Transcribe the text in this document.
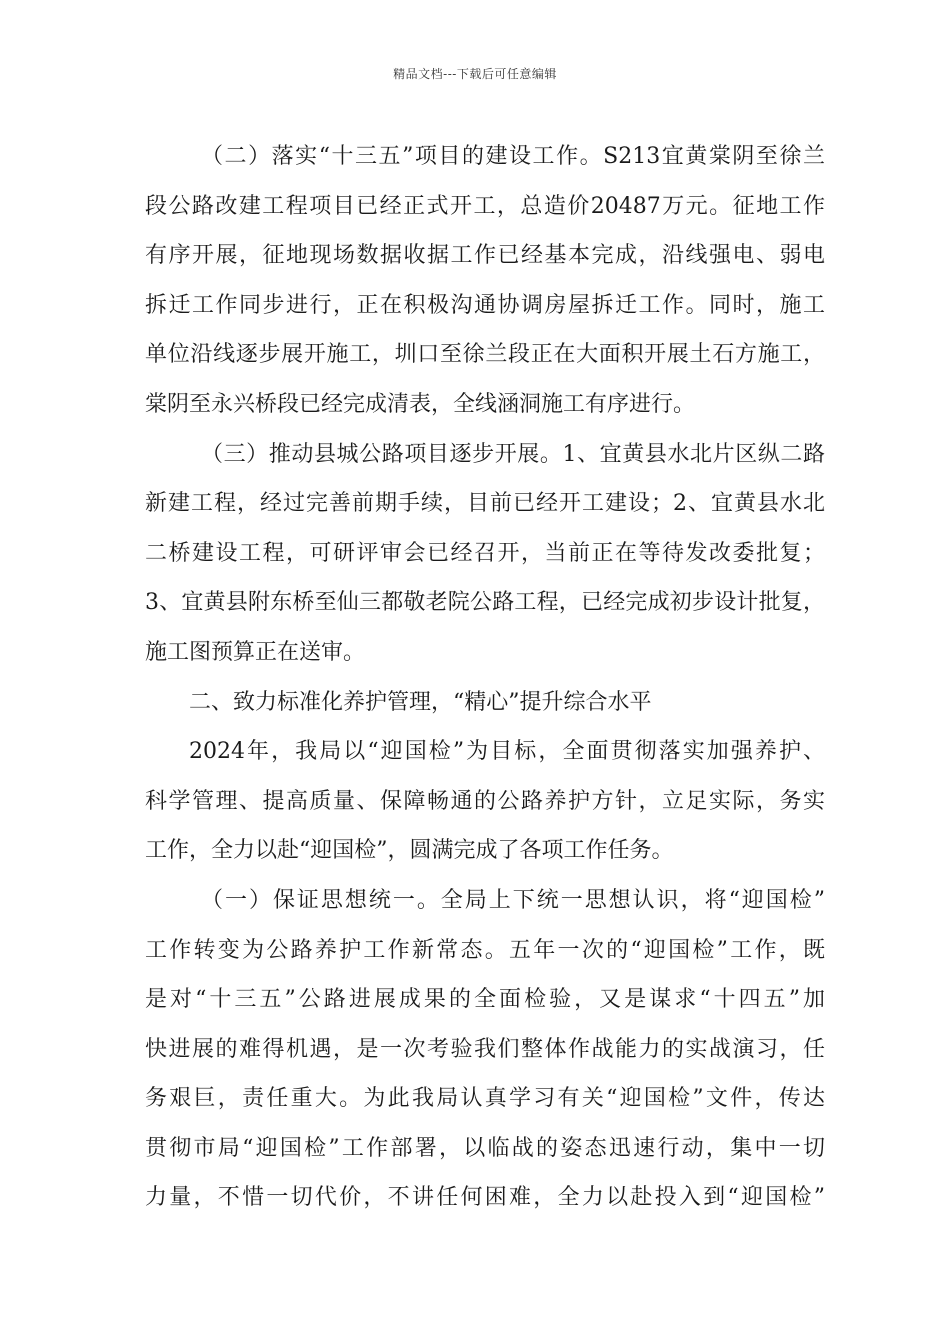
精品文档---下载后可任意编辑
（二）落实“十三五”项目的建设工作。S213宜黄棠阴至徐兰
段公路改建工程项目已经正式开工，总造价20487万元。征地工作
有序开展，征地现场数据收据工作已经基本完成，沿线强电、弱电
拆迁工作同步进行，正在积极沟通协调房屋拆迁工作。同时，施工
单位沿线逐步展开施工，圳口至徐兰段正在大面积开展土石方施工，
棠阴至永兴桥段已经完成清表，全线涵洞施工有序进行。
（三）推动县城公路项目逐步开展。1、宜黄县水北片区纵二路
新建工程，经过完善前期手续，目前已经开工建设；2、宜黄县水北
二桥建设工程，可研评审会已经召开，当前正在等待发改委批复；
3、宜黄县附东桥至仙三都敬老院公路工程，已经完成初步设计批复，
施工图预算正在送审。
二、致力标准化养护管理，“精心”提升综合水平
2024年，我局以“迎国检”为目标，全面贯彻落实加强养护、
科学管理、提高质量、保障畅通的公路养护方针，立足实际，务实
工作，全力以赴“迎国检”，圆满完成了各项工作任务。
（一）保证思想统一。全局上下统一思想认识，将“迎国检”
工作转变为公路养护工作新常态。五年一次的“迎国检”工作，既
是对“十三五”公路进展成果的全面检验，又是谋求“十四五”加
快进展的难得机遇，是一次考验我们整体作战能力的实战演习，任
务艰巨，责任重大。为此我局认真学习有关“迎国检”文件，传达
贯彻市局“迎国检”工作部署，以临战的姿态迅速行动，集中一切
力量，不惜一切代价，不讲任何困难，全力以赴投入到“迎国检”
